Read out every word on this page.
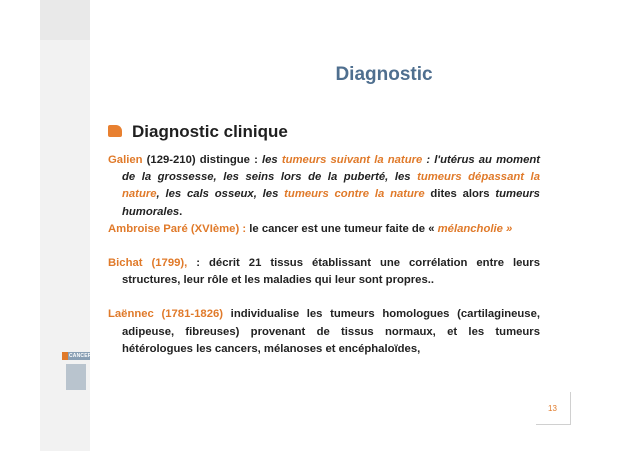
CANCER
Diagnostic
Diagnostic clinique

Galien (129-210) distingue : les tumeurs suivant la nature : l'utérus au moment de la grossesse, les seins lors de la puberté, les tumeurs dépassant la nature, les cals osseux, les tumeurs contre la nature dites alors tumeurs humorales.

Ambroise Paré (XVIème) : le cancer est une tumeur faite de « mélancholie »

Bichat (1799), : décrit 21 tissus établissant une corrélation entre leurs structures, leur rôle et les maladies qui leur sont propres..

Laënnec (1781-1826) individualise les tumeurs homologues (cartilagineuse, adipeuse, fibreuses) provenant de tissus normaux, et les tumeurs hétérologues les cancers, mélanoses et encéphaloïdes,

13
